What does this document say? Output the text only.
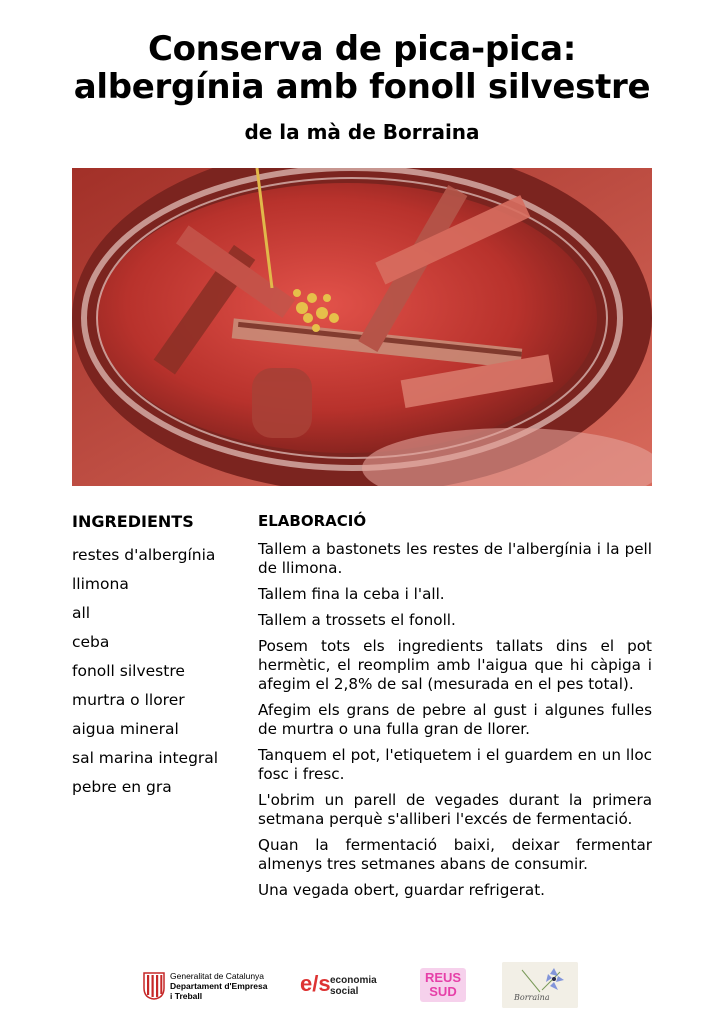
Conserva de pica-pica:
albergínia amb fonoll silvestre
de la mà de Borraina
INGREDIENTS
restes d'albergínia
llimona
all
ceba
fonoll silvestre
murtra o llorer
aigua mineral
sal marina integral
pebre en gra
ELABORACIÓ

Tallem a bastonets les restes de l'albergínia i la pell de llimona.

Tallem fina la ceba i l'all.

Tallem a trossets el fonoll.

Posem tots els ingredients tallats dins el pot hermètic, el reomplim amb l'aigua que hi càpiga i afegim el 2,8% de sal (mesurada en el pes total).

Afegim els grans de pebre al gust i algunes fulles de murtra o una fulla gran de llorer.

Tanquem el pot, l'etiquetem i el guardem en un lloc fosc i fresc.

L'obrim un parell de vegades durant la primera setmana perquè s'alliberi l'excés de fermentació.

Quan la fermentació baixi, deixar fermentar almenys tres setmanes abans de consumir.

Una vegada obert, guardar refrigerat.

Generalitat de Catalunya
Departament d'Empresa
i Treball	e/s economia
social
REUS
SUD	Borraina
